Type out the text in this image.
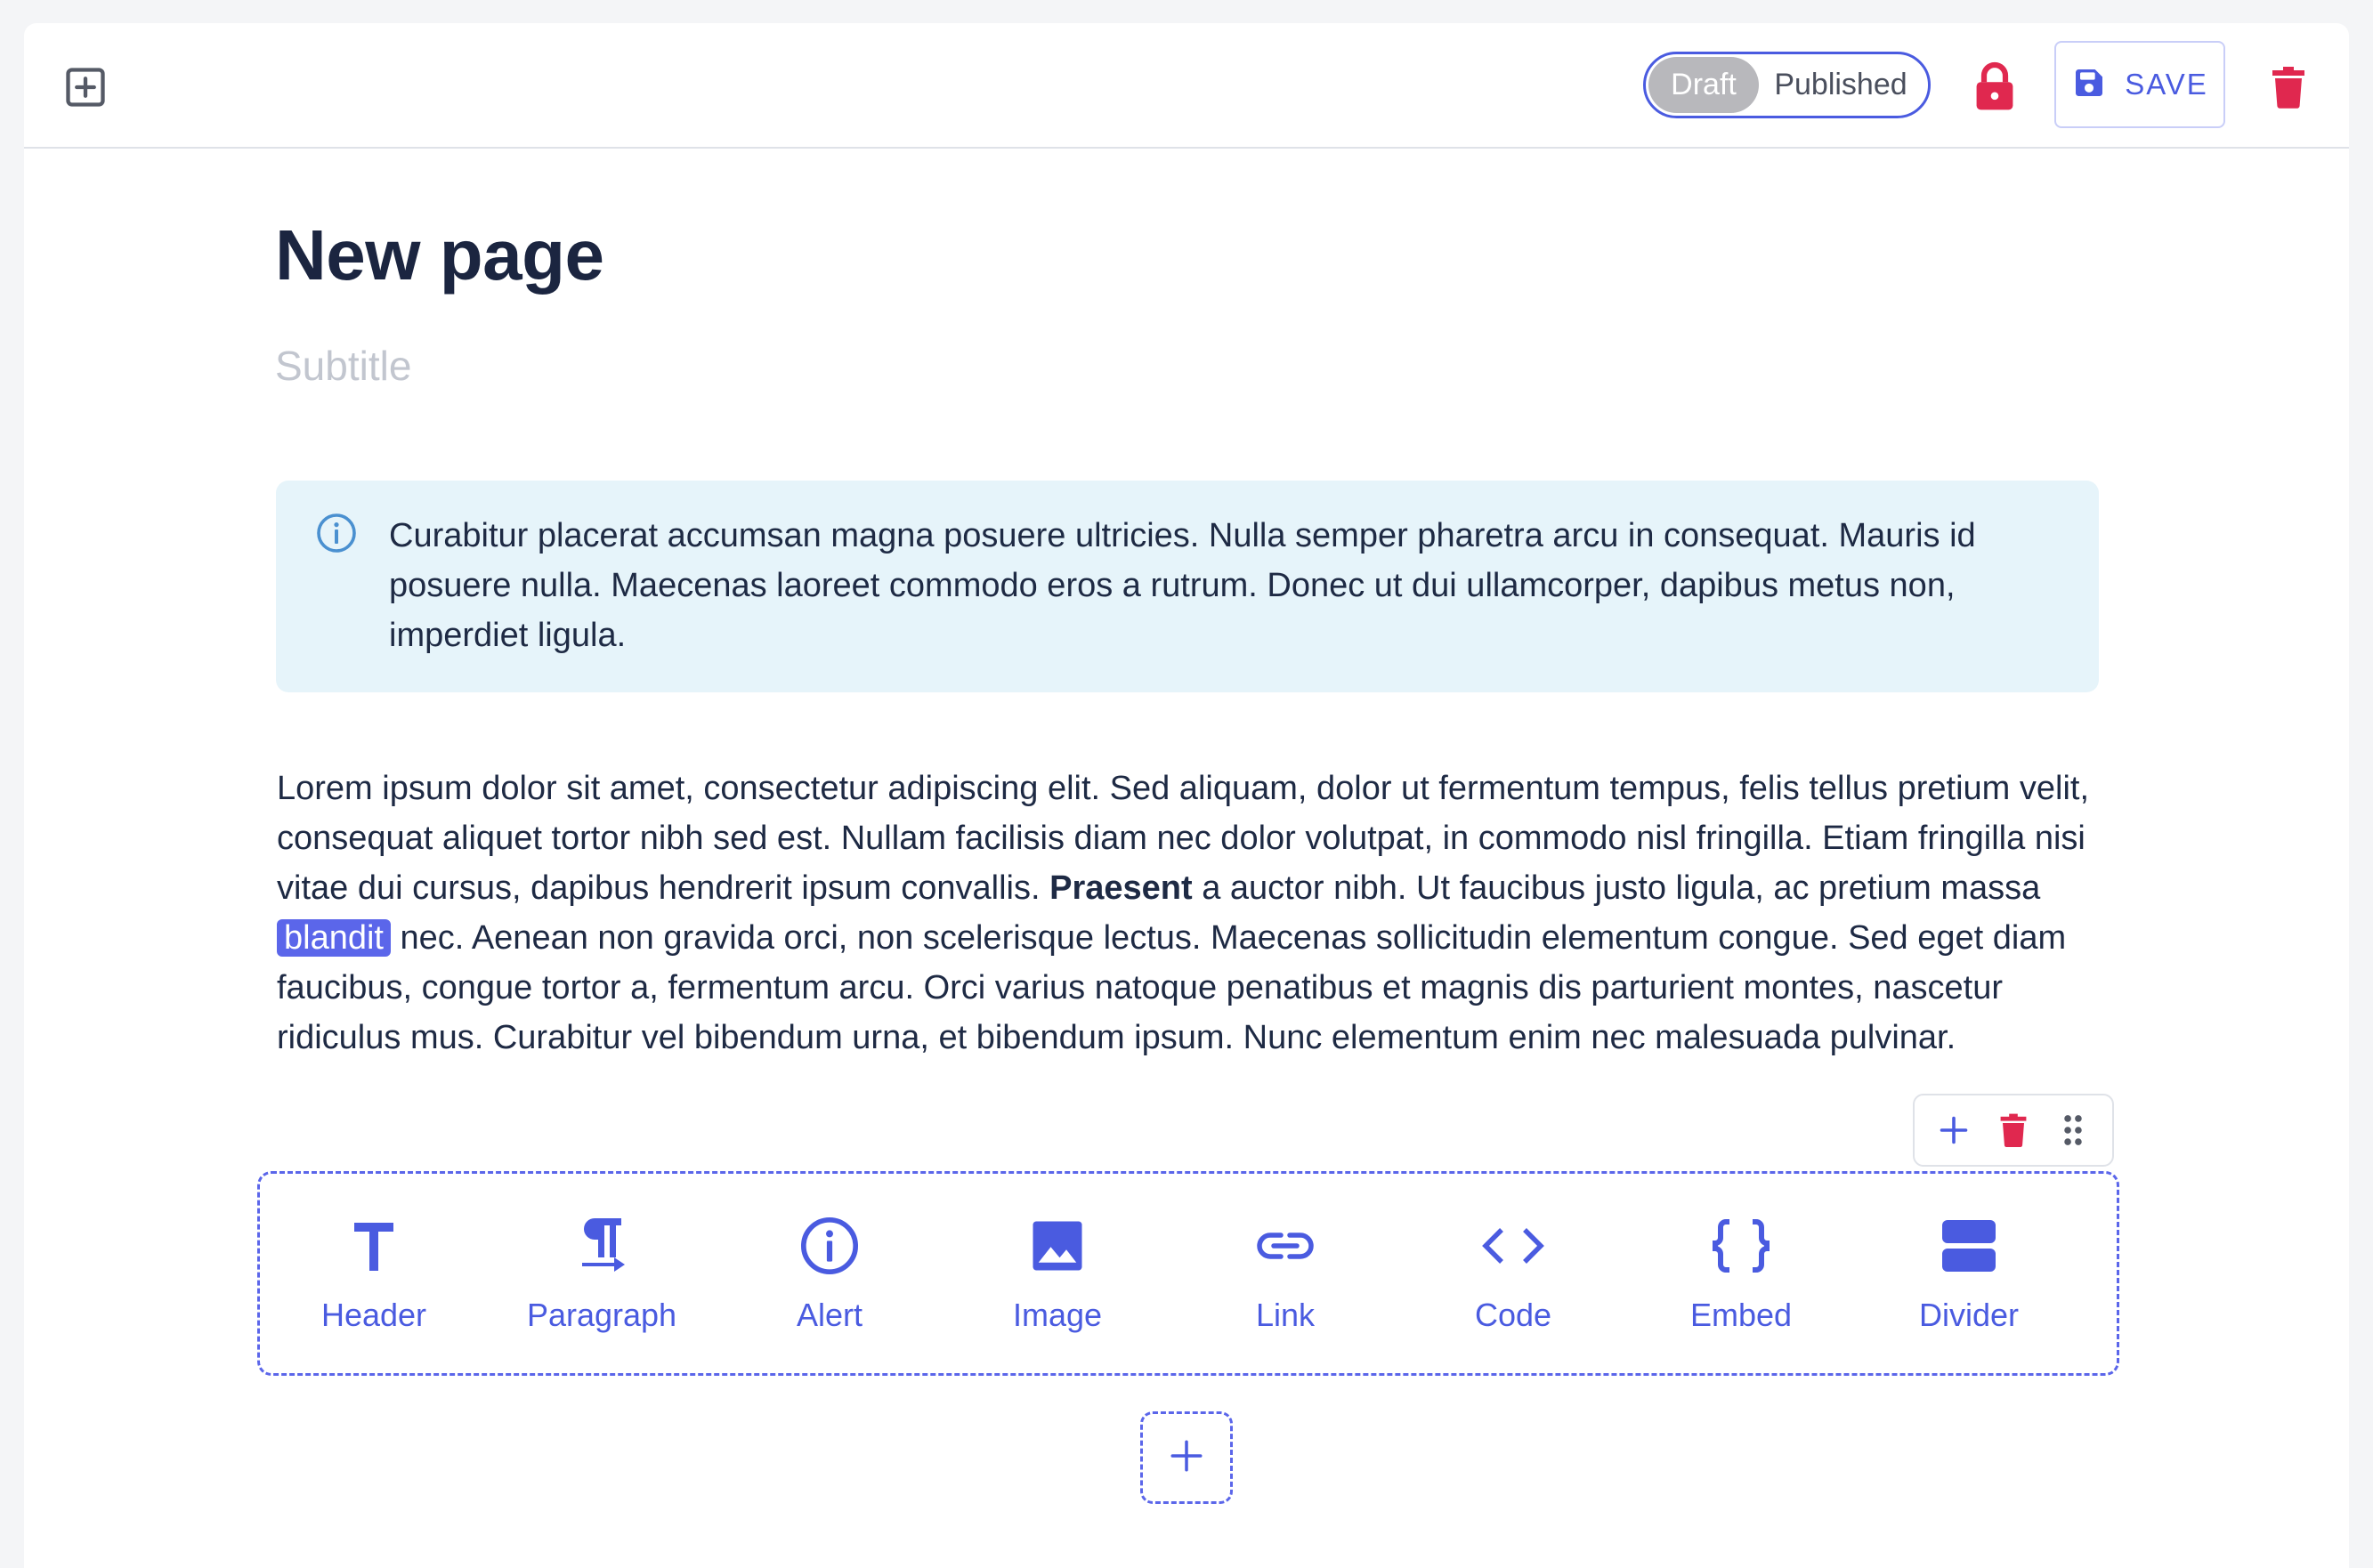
Draft	Published	SAVE
New page
Subtitle
Curabitur placerat accumsan magna posuere ultricies. Nulla semper pharetra arcu in consequat. Mauris id posuere nulla. Maecenas laoreet commodo eros a rutrum. Donec ut dui ullamcorper, dapibus metus non, imperdiet ligula.
Lorem ipsum dolor sit amet, consectetur adipiscing elit. Sed aliquam, dolor ut fermentum tempus, felis tellus pretium velit, consequat aliquet tortor nibh sed est. Nullam facilisis diam nec dolor volutpat, in commodo nisl fringilla. Etiam fringilla nisi vitae dui cursus, dapibus hendrerit ipsum convallis. Praesent a auctor nibh. Ut faucibus justo ligula, ac pretium massa blandit nec. Aenean non gravida orci, non scelerisque lectus. Maecenas sollicitudin elementum congue. Sed eget diam faucibus, congue tortor a, fermentum arcu. Orci varius natoque penatibus et magnis dis parturient montes, nascetur ridiculus mus. Curabitur vel bibendum urna, et bibendum ipsum. Nunc elementum enim nec malesuada pulvinar.
Header	Paragraph	Alert	Image	Link	Code	Embed	Divider
